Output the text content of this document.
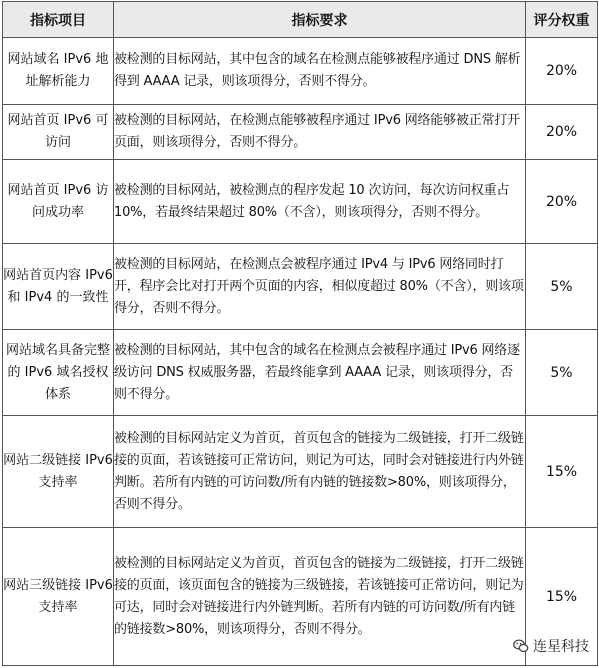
指标项目	指标要求	评分权重
网站域名 IPv6 地址解析能力	被检测的目标网站，其中包含的域名在检测点能够被程序通过 DNS 解析得到 AAAA 记录，则该项得分，否则不得分。	20%
网站首页 IPv6 可访问	被检测的目标网站，在检测点能够被程序通过 IPv6 网络能够被正常打开页面，则该项得分，否则不得分。	20%
网站首页 IPv6 访问成功率	被检测的目标网站，被检测点的程序发起 10 次访问，每次访问权重占 10%，若最终结果超过 80%（不含），则该项得分，否则不得分。	20%
网站首页内容 IPv6 和 IPv4 的一致性	被检测的目标网站，在检测点会被程序通过 IPv4 与 IPv6 网络同时打开，程序会比对打开两个页面的内容，相似度超过 80%（不含），则该项得分，否则不得分。	5%
网站域名具备完整的 IPv6 域名授权体系	被检测的目标网站，其中包含的域名在检测点会被程序通过 IPv6 网络逐级访问 DNS 权威服务器，若最终能拿到 AAAA 记录，则该项得分，否则不得分。	5%
网站二级链接 IPv6 支持率	被检测的目标网站定义为首页，首页包含的链接为二级链接，打开二级链接的页面，若该链接可正常访问，则记为可达，同时会对链接进行内外链判断。若所有内链的可访问数/所有内链的链接数>80%，则该项得分，否则不得分。	15%
网站三级链接 IPv6 支持率	被检测的目标网站定义为首页，首页包含的链接为二级链接，打开二级链接的页面，该页面包含的链接为三级链接，若该链接可正常访问，则记为可达，同时会对链接进行内外链判断。若所有内链的可访问数/所有内链的链接数>80%，则该项得分，否则不得分。	15%
连星科技
